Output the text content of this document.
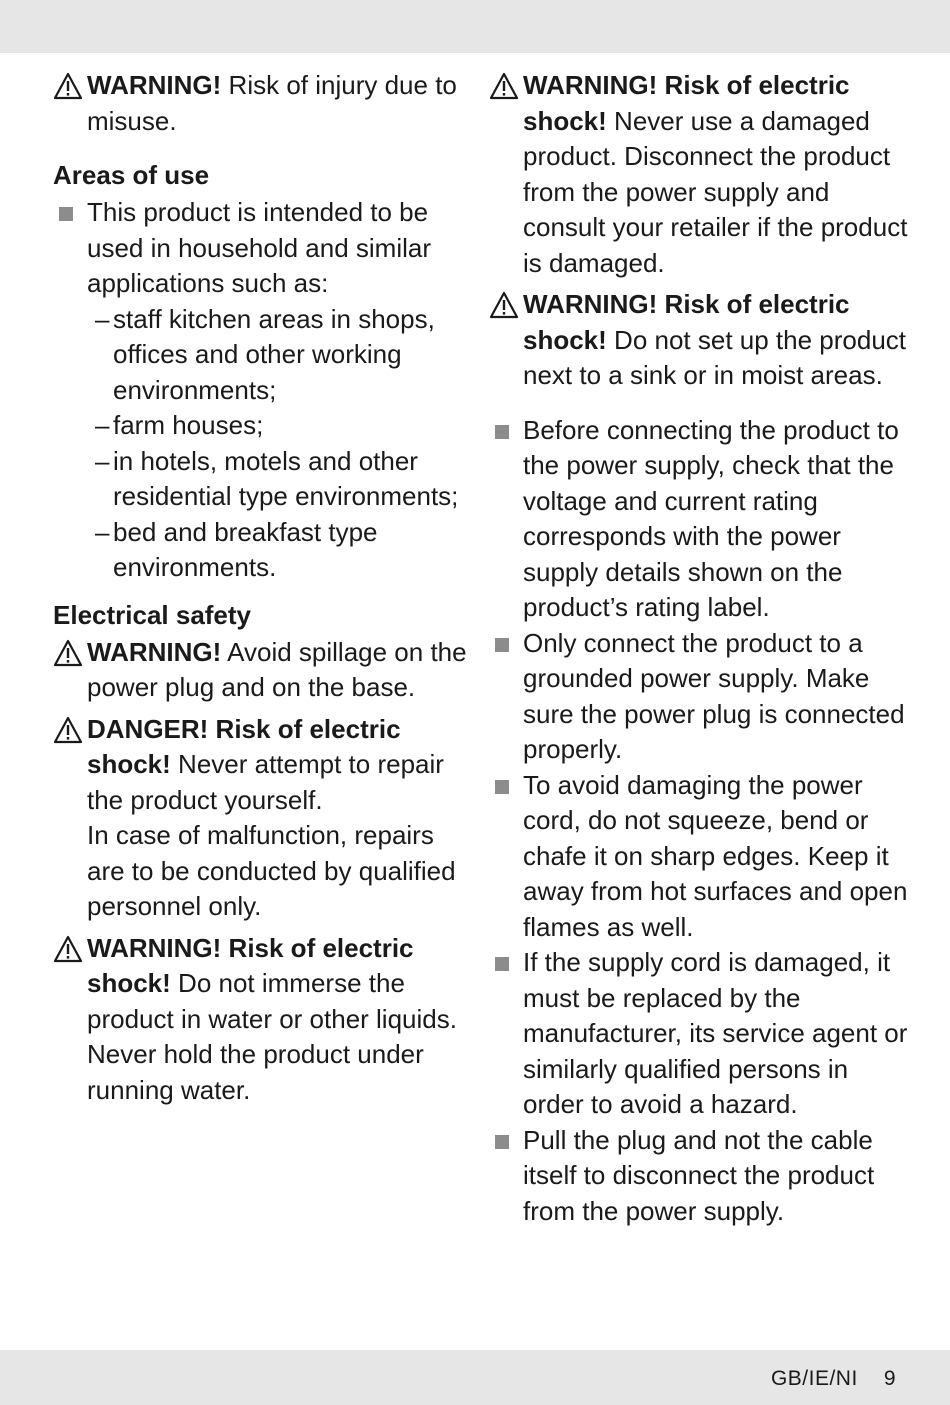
WARNING! Risk of injury due to misuse.

Areas of use

This product is intended to be used in household and similar applications such as:

– staff kitchen areas in shops, offices and other working environments;
– farm houses;
– in hotels, motels and other residential type environments;
– bed and breakfast type environments.
Electrical safety

WARNING! Avoid spillage on the power plug and on the base.

DANGER! Risk of electric shock! Never attempt to repair the product yourself.

In case of malfunction, repairs are to be conducted by qualified personnel only.

WARNING! Risk of electric shock! Do not immerse the product in water or other liquids.

Never hold the product under running water.

WARNING! Risk of electric shock! Never use a damaged product. Disconnect the product from the power supply and consult your retailer if the product is damaged.

WARNING! Risk of electric shock! Do not set up the product next to a sink or in moist areas.

Before connecting the product to the power supply, check that the voltage and current rating corresponds with the power supply details shown on the product’s rating label.

Only connect the product to a grounded power supply. Make sure the power plug is connected properly.

To avoid damaging the power cord, do not squeeze, bend or chafe it on sharp edges. Keep it away from hot surfaces and open flames as well.

If the supply cord is damaged, it must be replaced by the manufacturer, its service agent or similarly qualified persons in order to avoid a hazard.

Pull the plug and not the cable itself to disconnect the product from the power supply.

GB/IE/NI 9
